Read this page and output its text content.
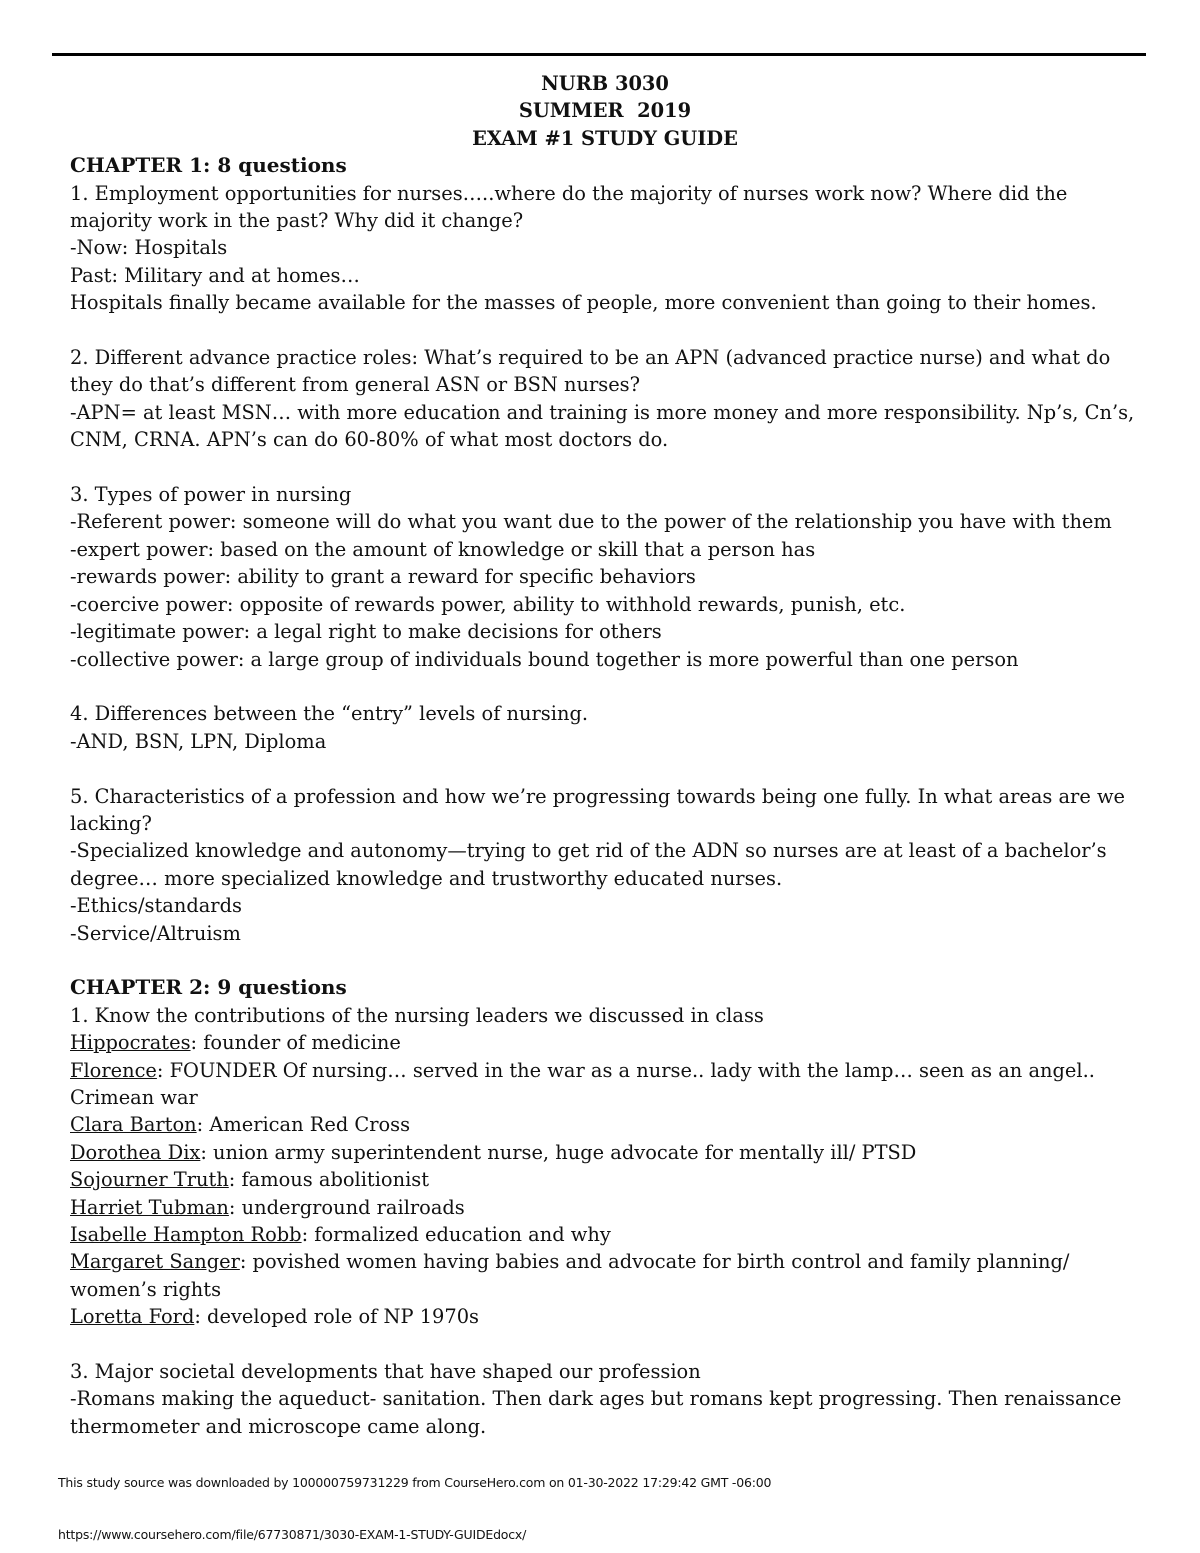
NURB 3030

SUMMER  2019

EXAM #1 STUDY GUIDE

CHAPTER 1: 8 questions

1. Employment opportunities for nurses…..where do the majority of nurses work now? Where did the majority work in the past? Why did it change?

-Now: Hospitals

Past: Military and at homes…

Hospitals finally became available for the masses of people, more convenient than going to their homes.

2. Different advance practice roles: What’s required to be an APN (advanced practice nurse) and what do they do that’s different from general ASN or BSN nurses?

-APN= at least MSN… with more education and training is more money and more responsibility. Np’s, Cn’s, CNM, CRNA. APN’s can do 60-80% of what most doctors do.

3. Types of power in nursing

-Referent power: someone will do what you want due to the power of the relationship you have with them

-expert power: based on the amount of knowledge or skill that a person has

-rewards power: ability to grant a reward for specific behaviors

-coercive power: opposite of rewards power, ability to withhold rewards, punish, etc.

-legitimate power: a legal right to make decisions for others

-collective power: a large group of individuals bound together is more powerful than one person

4. Differences between the “entry” levels of nursing.

-AND, BSN, LPN, Diploma

5. Characteristics of a profession and how we’re progressing towards being one fully. In what areas are we lacking?

-Specialized knowledge and autonomy—trying to get rid of the ADN so nurses are at least of a bachelor’s degree… more specialized knowledge and trustworthy educated nurses.

-Ethics/standards

-Service/Altruism

CHAPTER 2: 9 questions

1. Know the contributions of the nursing leaders we discussed in class

Hippocrates: founder of medicine

Florence: FOUNDER Of nursing… served in the war as a nurse.. lady with the lamp… seen as an angel.. Crimean war

Clara Barton: American Red Cross

Dorothea Dix: union army superintendent nurse, huge advocate for mentally ill/ PTSD

Sojourner Truth: famous abolitionist

Harriet Tubman: underground railroads

Isabelle Hampton Robb: formalized education and why

Margaret Sanger: povished women having babies and advocate for birth control and family planning/ women’s rights

Loretta Ford: developed role of NP 1970s

3. Major societal developments that have shaped our profession

-Romans making the aqueduct- sanitation. Then dark ages but romans kept progressing. Then renaissance thermometer and microscope came along.

This study source was downloaded by 100000759731229 from CourseHero.com on 01-30-2022 17:29:42 GMT -06:00
https://www.coursehero.com/file/67730871/3030-EXAM-1-STUDY-GUIDEdocx/
